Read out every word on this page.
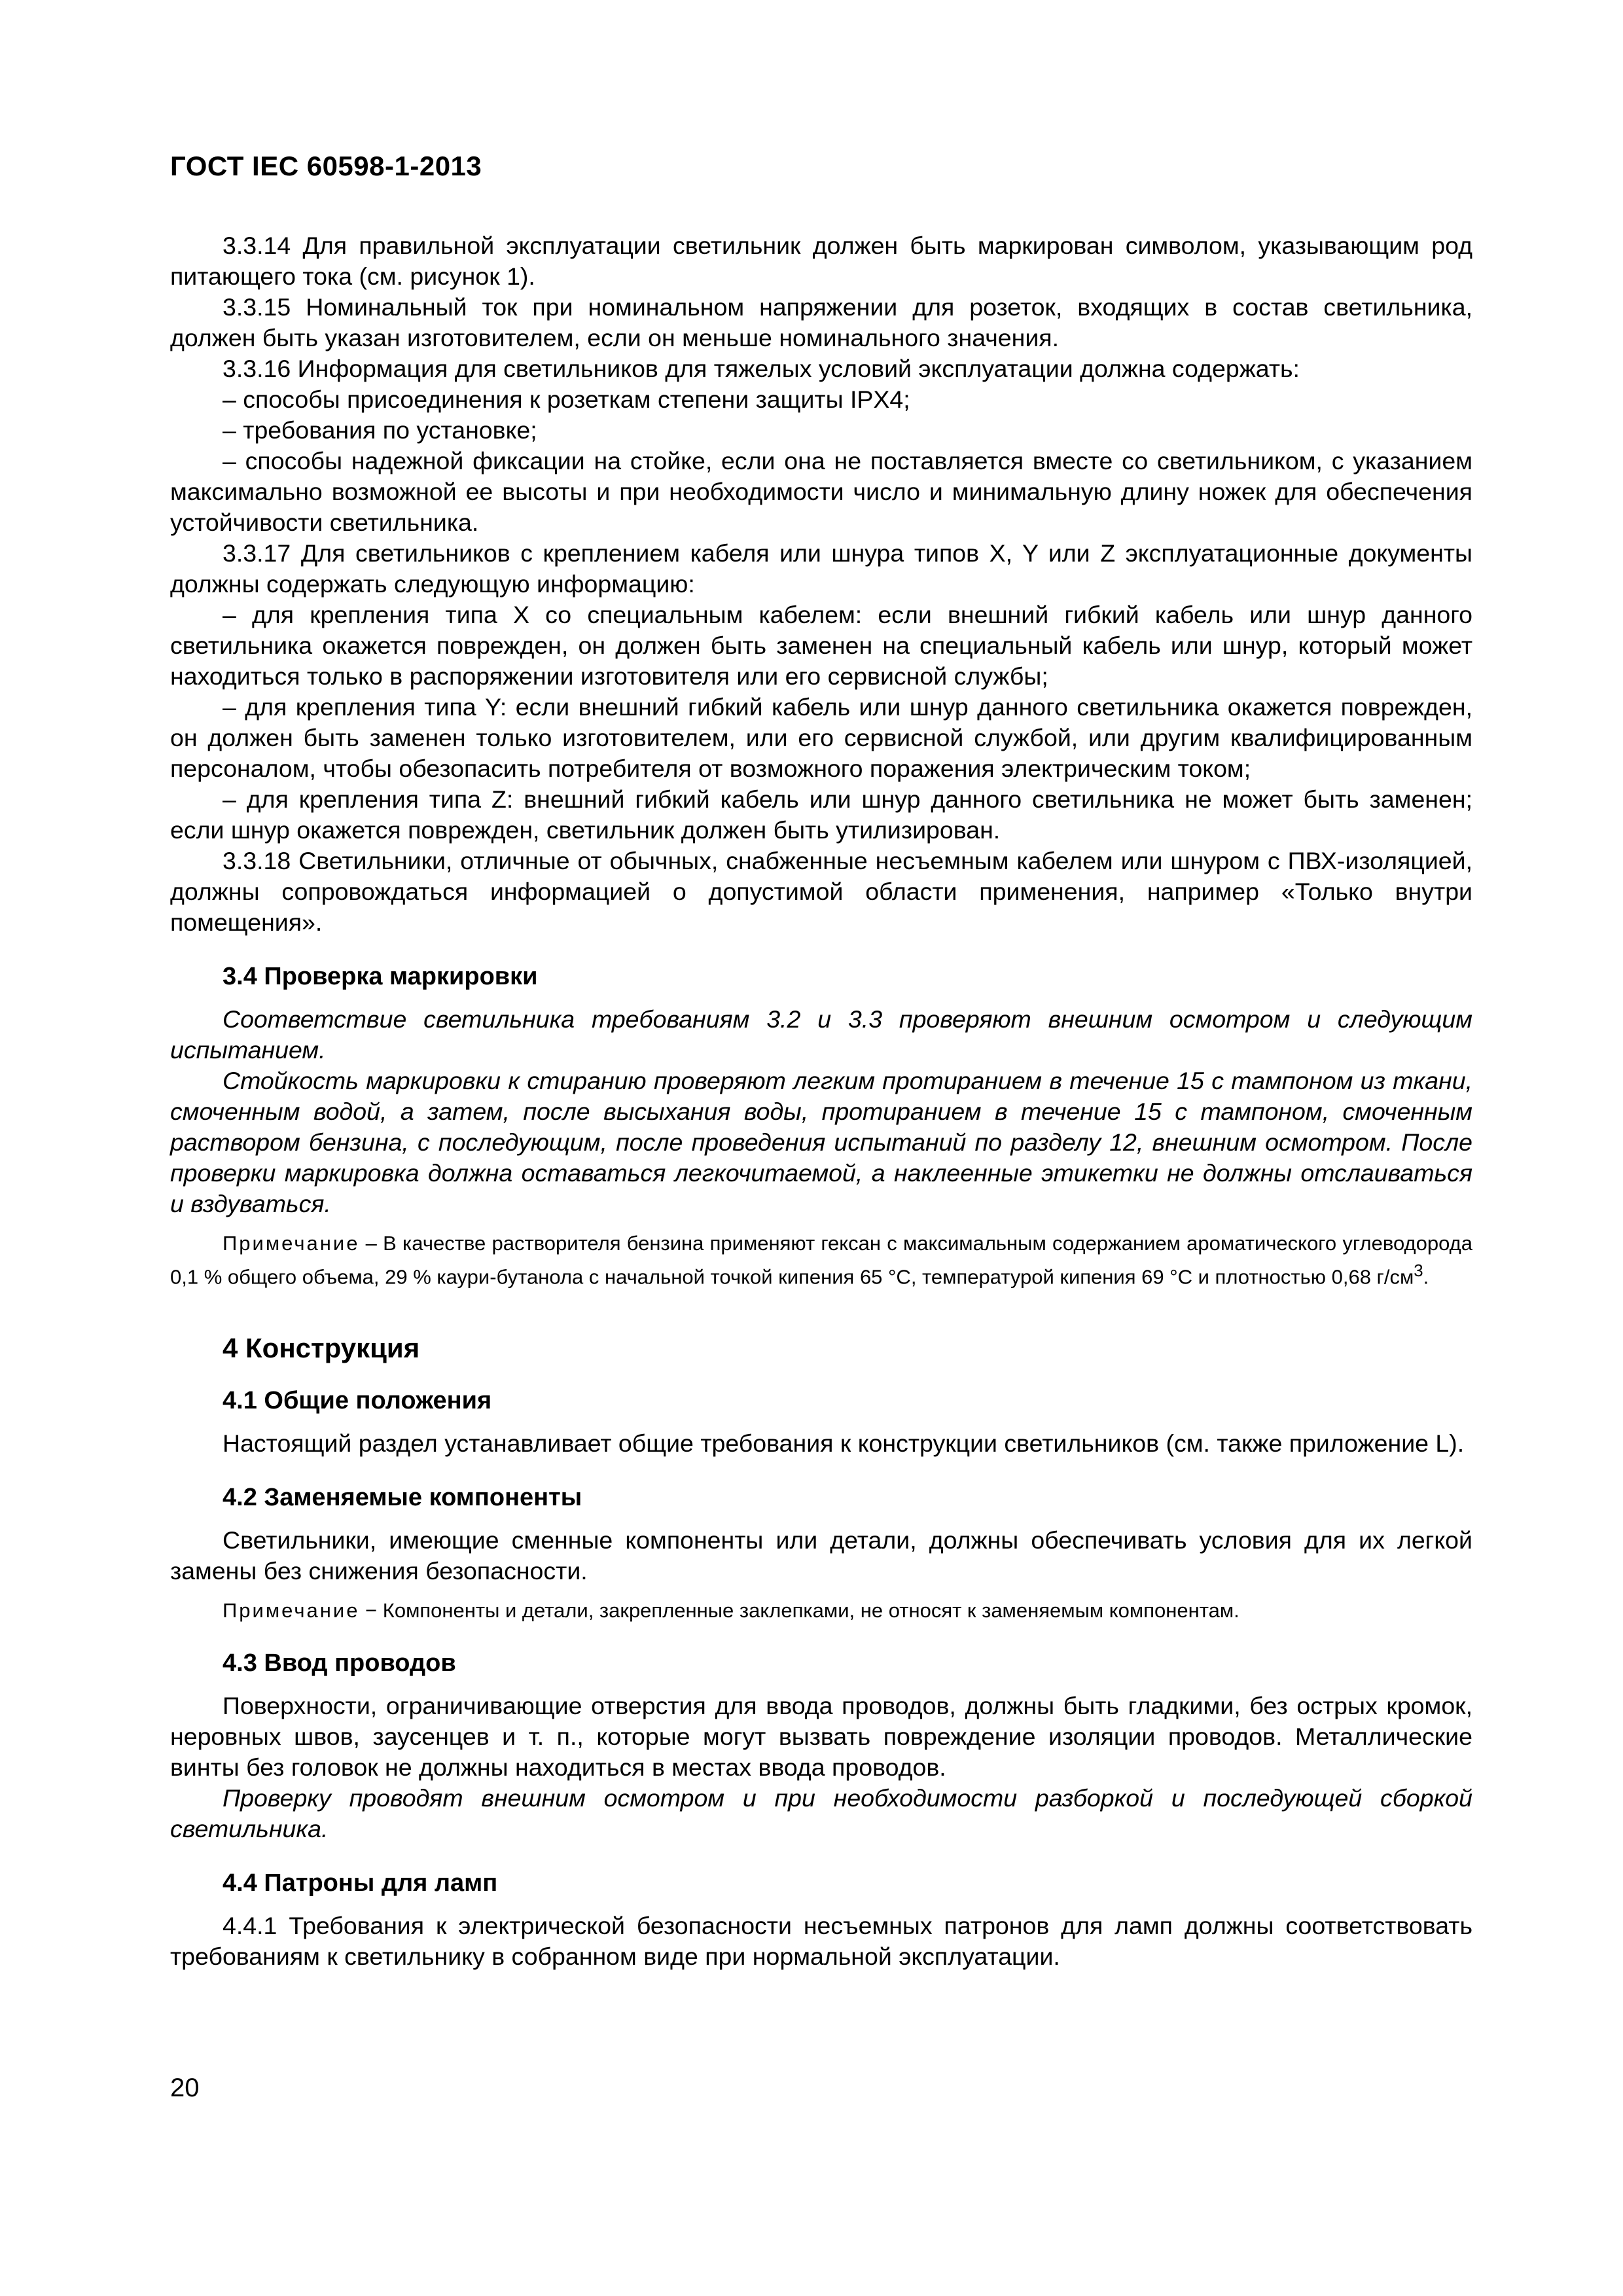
ГОСТ IEC 60598-1-2013

3.3.14 Для правильной эксплуатации светильник должен быть маркирован символом, указывающим род питающего тока (см. рисунок 1).

3.3.15 Номинальный ток при номинальном напряжении для розеток, входящих в состав светильника, должен быть указан изготовителем, если он меньше номинального значения.

3.3.16 Информация для светильников для тяжелых условий эксплуатации должна содержать:

– способы присоединения к розеткам степени защиты IPX4;

– требования по установке;

– способы надежной фиксации на стойке, если она не поставляется вместе со светильником, с указанием максимально возможной ее высоты и при необходимости число и минимальную длину ножек для обеспечения устойчивости светильника.

3.3.17 Для светильников с креплением кабеля или шнура типов X, Y или Z эксплуатационные документы должны содержать следующую информацию:

– для крепления типа X со специальным кабелем: если внешний гибкий кабель или шнур данного светильника окажется поврежден, он должен быть заменен на специальный кабель или шнур, который может находиться только в распоряжении изготовителя или его сервисной службы;

– для крепления типа Y: если внешний гибкий кабель или шнур данного светильника окажется поврежден, он должен быть заменен только изготовителем, или его сервисной службой, или другим квалифицированным персоналом, чтобы обезопасить потребителя от возможного поражения электрическим током;

– для крепления типа Z: внешний гибкий кабель или шнур данного светильника не может быть заменен; если шнур окажется поврежден, светильник должен быть утилизирован.

3.3.18 Светильники, отличные от обычных, снабженные несъемным кабелем или шнуром с ПВХ-изоляцией, должны сопровождаться информацией о допустимой области применения, например «Только внутри помещения».

3.4 Проверка маркировки

Соответствие светильника требованиям 3.2 и 3.3 проверяют внешним осмотром и следующим испытанием.

Стойкость маркировки к стиранию проверяют легким протиранием в течение 15 с тампоном из ткани, смоченным водой, а затем, после высыхания воды, протиранием в течение 15 с тампоном, смоченным раствором бензина, с последующим, после проведения испытаний по разделу 12, внешним осмотром. После проверки маркировка должна оставаться легкочитаемой, а наклеенные этикетки не должны отслаиваться и вздуваться.

Примечание – В качестве растворителя бензина применяют гексан с максимальным содержанием ароматического углеводорода 0,1 % общего объема, 29 % каури-бутанола с начальной точкой кипения 65 °С, температурой кипения 69 °С и плотностью 0,68 $г/см^3$.

4 Конструкция
4.1 Общие положения

Настоящий раздел устанавливает общие требования к конструкции светильников (см. также приложение L).

4.2 Заменяемые компоненты

Светильники, имеющие сменные компоненты или детали, должны обеспечивать условия для их легкой замены без снижения безопасности.

Примечание − Компоненты и детали, закрепленные заклепками, не относят к заменяемым компонентам.

4.3 Ввод проводов

Поверхности, ограничивающие отверстия для ввода проводов, должны быть гладкими, без острых кромок, неровных швов, заусенцев и т. п., которые могут вызвать повреждение изоляции проводов. Металлические винты без головок не должны находиться в местах ввода проводов.

Проверку проводят внешним осмотром и при необходимости разборкой и последующей сборкой светильника.

4.4 Патроны для ламп

4.4.1 Требования к электрической безопасности несъемных патронов для ламп должны соответствовать требованиям к светильнику в собранном виде при нормальной эксплуатации.

20
